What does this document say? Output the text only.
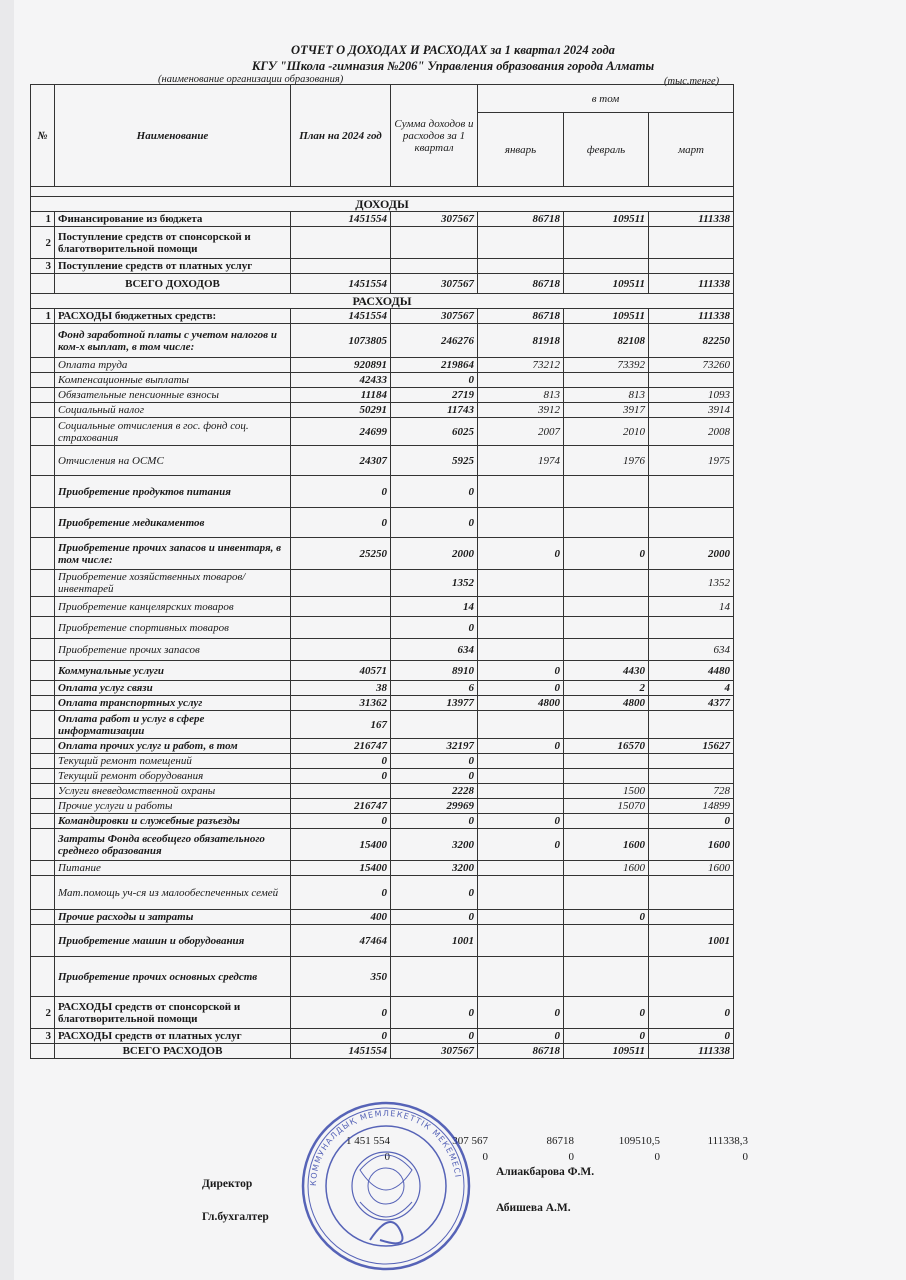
ОТЧЕТ О ДОХОДАХ И РАСХОДАХ за 1 квартал 2024 года
КГУ "Школа -гимназия №206" Управления образования города Алматы
(наименование организации образования)	(тыс.тенге)
№	Наименование	План на 2024 год	Сумма доходов и расходов за 1 квартал	в том		
				январь	февраль	март

ДОХОДЫ						
1	Финансирование из бюджета	1451554	307567	86718	109511	111338
2	Поступление средств от спонсорской и благотворительной помощи					
3	Поступление средств от платных услуг					
	ВСЕГО ДОХОДОВ	1451554	307567	86718	109511	111338
РАСХОДЫ						
1	РАСХОДЫ бюджетных средств:	1451554	307567	86718	109511	111338
	Фонд заработной платы с учетом налогов и ком-х выплат, в том числе:	1073805	246276	81918	82108	82250
	Оплата труда	920891	219864	73212	73392	73260
	Компенсационные выплаты	42433	0			
	Обязательные пенсионные взносы	11184	2719	813	813	1093
	Социальный налог	50291	11743	3912	3917	3914
	Социальные отчисления в гос. фонд соц. страхования	24699	6025	2007	2010	2008
	Отчисления на ОСМС	24307	5925	1974	1976	1975
	Приобретение продуктов питания	0	0			
	Приобретение медикаментов	0	0			
	Приобретение прочих запасов и инвентаря, в том числе:	25250	2000	0	0	2000
	Приобретение хозяйственных товаров/инвентарей		1352			1352
	Приобретение канцелярских товаров		14			14
	Приобретение спортивных товаров		0			
	Приобретение прочих запасов		634			634
	Коммунальные услуги	40571	8910	0	4430	4480
	Оплата услуг связи	38	6	0	2	4
	Оплата транспортных услуг	31362	13977	4800	4800	4377
	Оплата работ и услуг в сфере информатизации	167				
	Оплата прочих услуг и работ, в том	216747	32197	0	16570	15627
	Текущий ремонт помещений	0	0			
	Текущий ремонт оборудования	0	0			
	Услуги вневедомственной охраны		2228		1500	728
	Прочие услуги и работы	216747	29969		15070	14899
	Командировки и служебные разъезды	0	0	0		0
	Затраты Фонда всеобщего обязательного среднего образования	15400	3200	0	1600	1600
	Питание	15400	3200		1600	1600
	Мат.помощь уч-ся из малообеспеченных семей	0	0			
	Прочие расходы и затраты	400	0		0	
	Приобретение машин и оборудования	47464	1001			1001
	Приобретение прочих основных средств	350				
2	РАСХОДЫ средств от спонсорской и благотворительной помощи	0	0	0	0	0
3	РАСХОДЫ средств от платных услуг	0	0	0	0	0
	ВСЕГО РАСХОДОВ	1451554	307567	86718	109511	111338
1 451 554	307 567	86718	109510,5	111338,3
0	0	0	0	0
Директор
Алиакбарова Ф.М.
Гл.бухгалтер
Абишева А.М.
КОММУНАЛДЫҚ МЕМЛЕКЕТТІК МЕКЕМЕСІ
